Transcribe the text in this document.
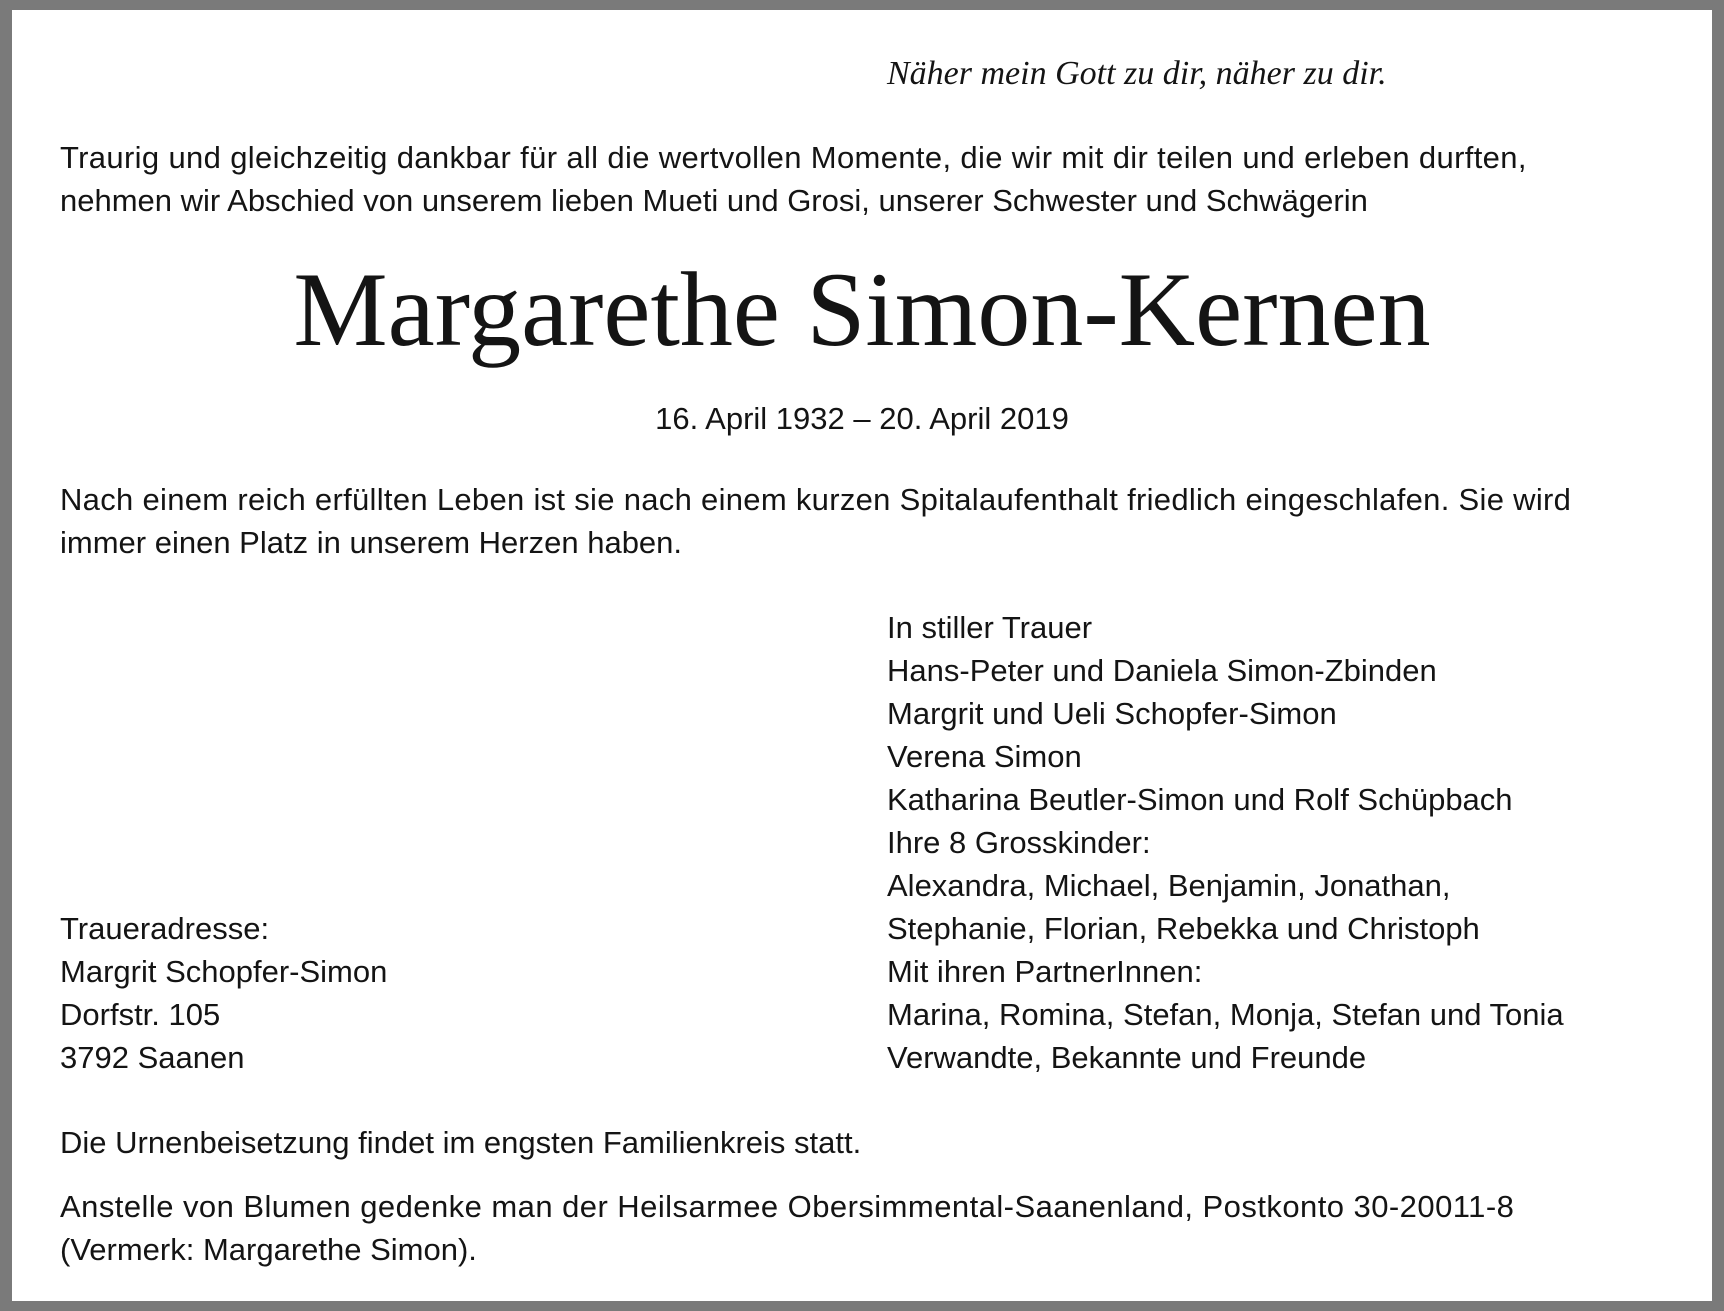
Näher mein Gott zu dir, näher zu dir.
Traurig und gleichzeitig dankbar für all die wertvollen Momente, die wir mit dir teilen und erleben durften,
nehmen wir Abschied von unserem lieben Mueti und Grosi, unserer Schwester und Schwägerin
Margarethe Simon-Kernen
16. April 1932 – 20. April 2019
Nach einem reich erfüllten Leben ist sie nach einem kurzen Spitalaufenthalt friedlich eingeschlafen. Sie wird
immer einen Platz in unserem Herzen haben.
In stiller Trauer
Hans-Peter und Daniela Simon-Zbinden
Margrit und Ueli Schopfer-Simon
Verena Simon
Katharina Beutler-Simon und Rolf Schüpbach
Ihre 8 Grosskinder:
Alexandra, Michael, Benjamin, Jonathan,
Stephanie, Florian, Rebekka und Christoph
Mit ihren PartnerInnen:
Marina, Romina, Stefan, Monja, Stefan und Tonia
Verwandte, Bekannte und Freunde
Traueradresse:
Margrit Schopfer-Simon
Dorfstr. 105
3792 Saanen
Die Urnenbeisetzung findet im engsten Familienkreis statt.
Anstelle von Blumen gedenke man der Heilsarmee Obersimmental-Saanenland, Postkonto 30-20011-8
(Vermerk: Margarethe Simon).
